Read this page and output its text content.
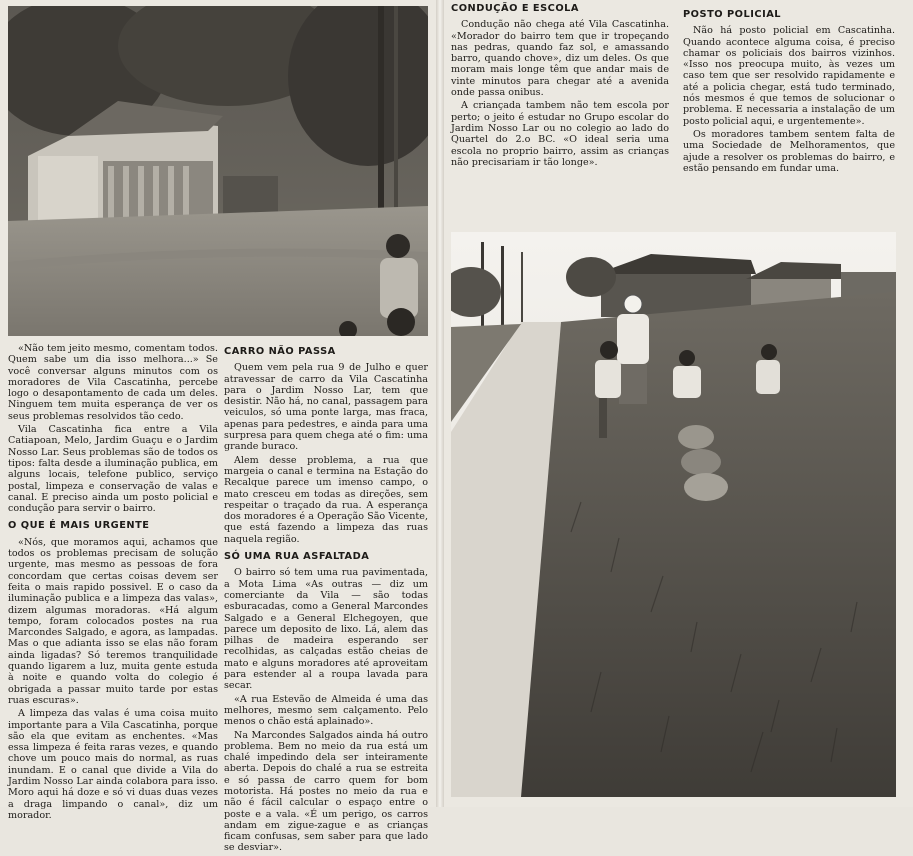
«Não tem jeito mesmo, comentam todos. Quem sabe um dia isso melhora...» Se você conversar alguns minutos com os moradores de Vila Cascatinha, percebe logo o desapontamento de cada um deles. Ninguem tem muita esperança de ver os seus problemas resolvidos tão cedo.

Vila Cascatinha fica entre a Vila Catiapoan, Melo, Jardim Guaçu e o Jardim Nosso Lar. Seus problemas são de todos os tipos: falta desde a iluminação publica, em alguns locais, telefone publico, serviço postal, limpeza e conservação de valas e canal. E preciso ainda um posto policial e condução para servir o bairro.

O QUE É MAIS URGENTE

«Nós, que moramos aqui, achamos que todos os problemas precisam de solução urgente, mas mesmo as pessoas de fora concordam que certas coisas devem ser feita o mais rapido possivel. E o caso da iluminação publica e a limpeza das valas», dizem algumas moradoras. «Há algum tempo, foram colocados postes na rua Marcondes Salgado, e agora, as lampadas. Mas o que adianta isso se elas não foram ainda ligadas? Só teremos tranquilidade quando ligarem a luz, muita gente estuda à noite e quando volta do colegio é obrigada a passar muito tarde por estas ruas escuras».

A limpeza das valas é uma coisa muito importante para a Vila Cascatinha, porque são ela que evitam as enchentes. «Mas essa limpeza é feita raras vezes, e quando chove um pouco mais do normal, as ruas inundam. E o canal que divide a Vila do Jardim Nosso Lar ainda colabora para isso. Moro aqui há doze e só vi duas duas vezes a draga limpando o canal», diz um morador.

CARRO NÃO PASSA

Quem vem pela rua 9 de Julho e quer atravessar de carro da Vila Cascatinha para o Jardim Nosso Lar, tem que desistir. Não há, no canal, passagem para veiculos, só uma ponte larga, mas fraca, apenas para pedestres, e ainda para uma surpresa para quem chega até o fim: uma grande buraco.

Alem desse problema, a rua que margeia o canal e termina na Estação do Recalque parece um imenso campo, o mato cresceu em todas as direções, sem respeitar o traçado da rua. A esperança dos moradores é a Operação São Vicente, que está fazendo a limpeza das ruas naquela região.

SÓ UMA RUA ASFALTADA

O bairro só tem uma rua pavimentada, a Mota Lima «As outras — diz um comerciante da Vila — são todas esburacadas, como a General Marcondes Salgado e a General Elchegoyen, que parece um deposito de lixo. Lá, alem das pilhas de madeira esperando ser recolhidas, as calçadas estão cheias de mato e alguns moradores até aproveitam para estender al a roupa lavada para secar.

«A rua Estevão de Almeida é uma das melhores, mesmo sem calçamento. Pelo menos o chão está aplainado».

Na Marcondes Salgados ainda há outro problema. Bem no meio da rua está um chalé impedindo dela ser inteiramente aberta. Depois do chalé a rua se estreita e só passa de carro quem for bom motorista. Há postes no meio da rua e não é fácil calcular o espaço entre o poste e a vala. «É um perigo, os carros andam em zigue-zague e as crianças ficam confusas, sem saber para que lado se desviar».

CONDUÇÃO E ESCOLA

Condução não chega até Vila Cascatinha. «Morador do bairro tem que ir tropeçando nas pedras, quando faz sol, e amassando barro, quando chove», diz um deles. Os que moram mais longe têm que andar mais de vinte minutos para chegar até a avenida onde passa onibus.

A criançada tambem não tem escola por perto; o jeito é estudar no Grupo escolar do Jardim Nosso Lar ou no colegio ao lado do Quartel do 2.o BC. «O ideal seria uma escola no proprio bairro, assim as crianças não precisariam ir tão longe».

POSTO POLICIAL

Não há posto policial em Cascatinha. Quando acontece alguma coisa, é preciso chamar os policiais dos bairros vizinhos. «Isso nos preocupa muito, às vezes um caso tem que ser resolvido rapidamente e até a policia chegar, está tudo terminado, nós mesmos é que temos de solucionar o problema. E necessaria a instalação de um posto policial aqui, e urgentemente».

Os moradores tambem sentem falta de uma Sociedade de Melhoramentos, que ajude a resolver os problemas do bairro, e estão pensando em fundar uma.
